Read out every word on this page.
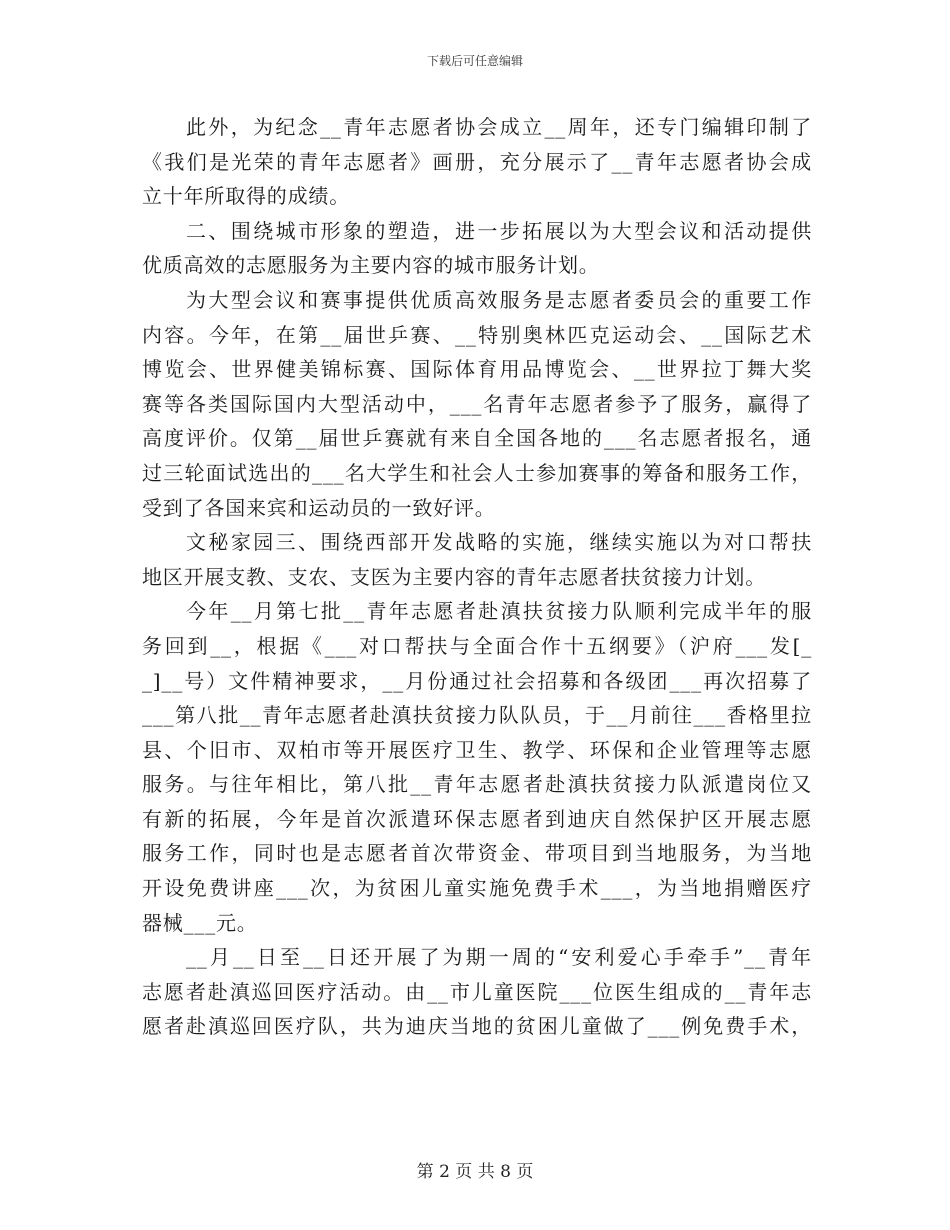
下载后可任意编辑
此外，为纪念__青年志愿者协会成立__周年，还专门编辑印制了
《我们是光荣的青年志愿者》画册，充分展示了__青年志愿者协会成
立十年所取得的成绩。
二、围绕城市形象的塑造，进一步拓展以为大型会议和活动提供
优质高效的志愿服务为主要内容的城市服务计划。
为大型会议和赛事提供优质高效服务是志愿者委员会的重要工作
内容。今年，在第__届世乒赛、__特别奥林匹克运动会、__国际艺术
博览会、世界健美锦标赛、国际体育用品博览会、__世界拉丁舞大奖
赛等各类国际国内大型活动中，___名青年志愿者参予了服务，赢得了
高度评价。仅第__届世乒赛就有来自全国各地的___名志愿者报名，通
过三轮面试选出的___名大学生和社会人士参加赛事的筹备和服务工作，
受到了各国来宾和运动员的一致好评。
文秘家园三、围绕西部开发战略的实施，继续实施以为对口帮扶
地区开展支教、支农、支医为主要内容的青年志愿者扶贫接力计划。
今年__月第七批__青年志愿者赴滇扶贫接力队顺利完成半年的服
务回到__，根据《___对口帮扶与全面合作十五纲要》（沪府___发[_
_]__号）文件精神要求，__月份通过社会招募和各级团___再次招募了
___第八批__青年志愿者赴滇扶贫接力队队员，于__月前往___香格里拉
县、个旧市、双柏市等开展医疗卫生、教学、环保和企业管理等志愿
服务。与往年相比，第八批__青年志愿者赴滇扶贫接力队派遣岗位又
有新的拓展，今年是首次派遣环保志愿者到迪庆自然保护区开展志愿
服务工作，同时也是志愿者首次带资金、带项目到当地服务，为当地
开设免费讲座___次，为贫困儿童实施免费手术___，为当地捐赠医疗
器械___元。
__月__日至__日还开展了为期一周的“安利爱心手牵手”__青年
志愿者赴滇巡回医疗活动。由__市儿童医院___位医生组成的__青年志
愿者赴滇巡回医疗队，共为迪庆当地的贫困儿童做了___例免费手术，
第 2 页 共 8 页
